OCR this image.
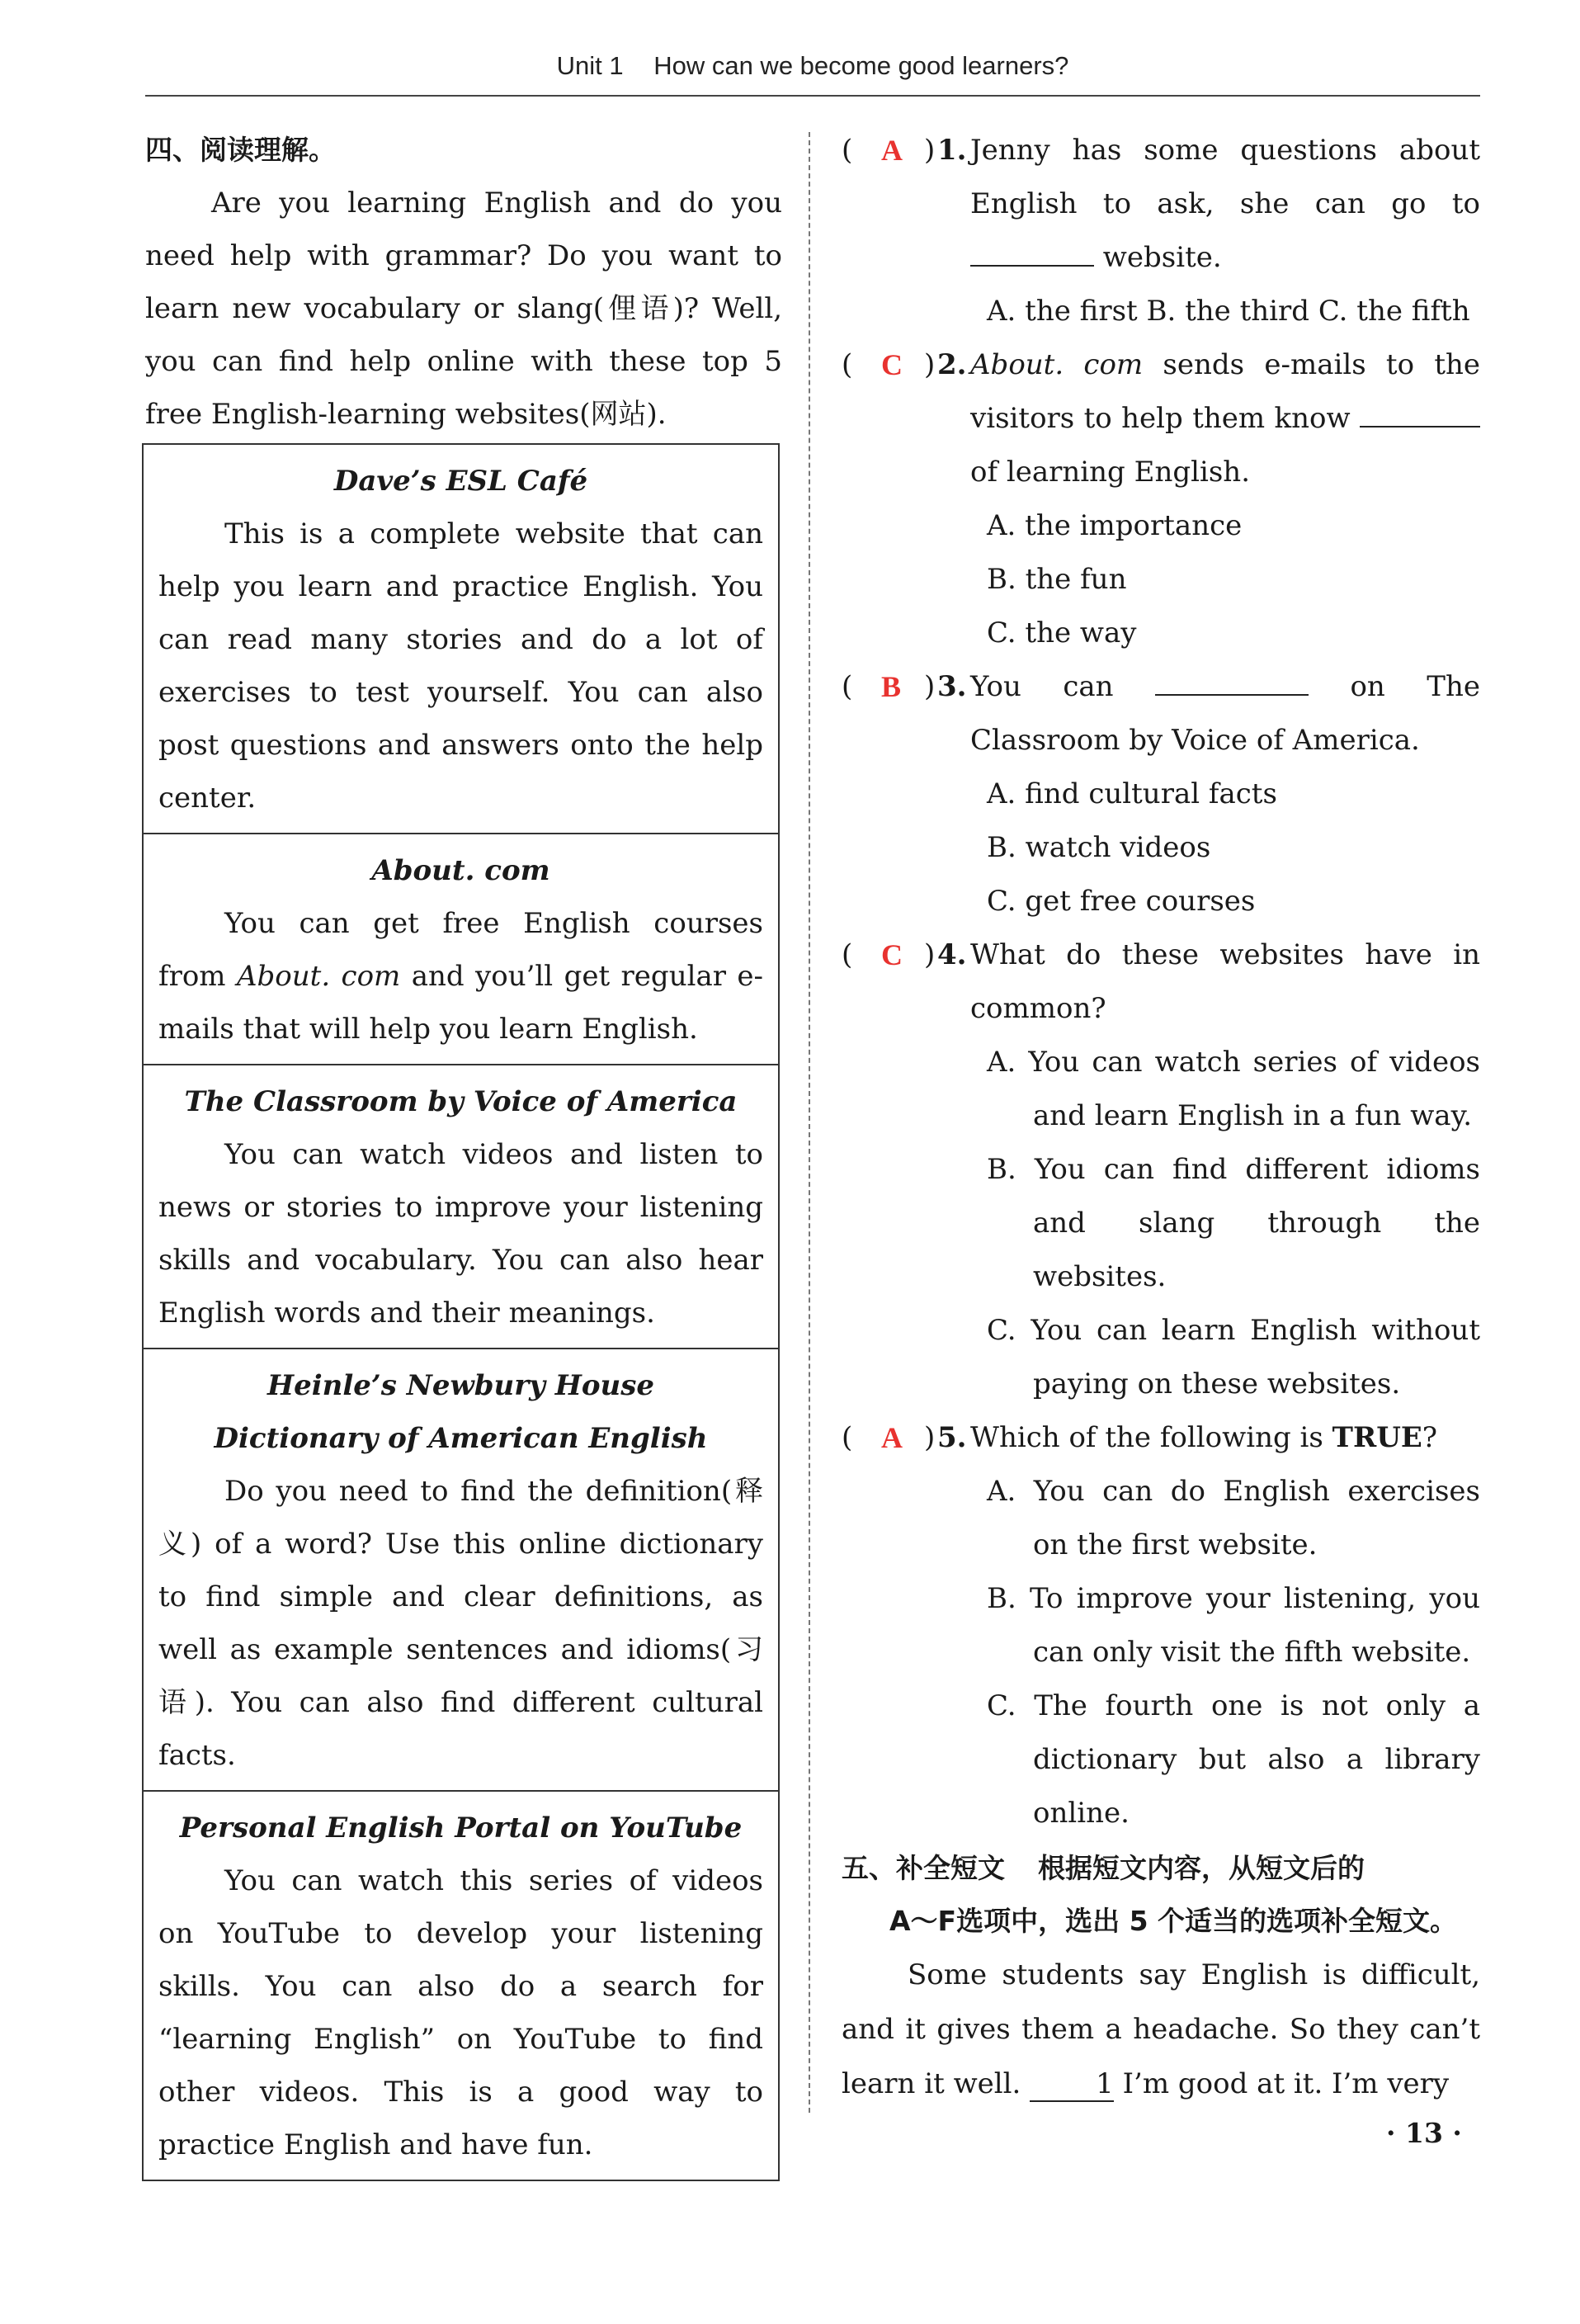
Unit 1 How can we become good learners?
四、阅读理解。
Are you learning English and do you need help with grammar? Do you want to learn new vocabulary or slang(俚语)? Well, you can find help online with these top 5 free English-learning websites(网站).
Dave’s ESL Café
This is a complete website that can help you learn and practice English. You can read many stories and do a lot of exercises to test yourself. You can also post questions and answers onto the help center.
About. com
You can get free English courses from About. com and you’ll get regular e-mails that will help you learn English.
The Classroom by Voice of America
You can watch videos and listen to news or stories to improve your listening skills and vocabulary. You can also hear English words and their meanings.
Heinle’s Newbury House
Dictionary of American English
Do you need to find the definition(释义) of a word? Use this online dictionary to find simple and clear definitions, as well as example sentences and idioms(习语). You can also find different cultural facts.
Personal English Portal on YouTube
You can watch this series of videos on YouTube to develop your listening skills. You can also do a search for “learning English” on YouTube to find other videos. This is a good way to practice English and have fun.
( A ) 1. Jenny has some questions about English to ask, she can go to  website.
A. the first B. the third C. the fifth
( C ) 2. About. com sends e-mails to the visitors to help them know  of learning English.
A. the importance
B. the fun
C. the way
( B ) 3. You can	on The Classroom by Voice of America.
A. find cultural facts
B. watch videos
C. get free courses
( C ) 4. What do these websites have in common?
A. You can watch series of videos and learn English in a fun way.
B. You can find different idioms and slang through the websites.
C. You can learn English without paying on these websites.
( A ) 5. Which of the following is TRUE?
A. You can do English exercises on the first website.
B. To improve your listening, you can only visit the fifth website.
C. The fourth one is not only a dictionary but also a library online.
五、补全短文 根据短文内容，从短文后的
A～F选项中，选出 5 个适当的选项补全短文。
Some students say English is difficult, and it gives them a headache. So they can’t learn it well. 1 I’m good at it. I’m very
· 13 ·
